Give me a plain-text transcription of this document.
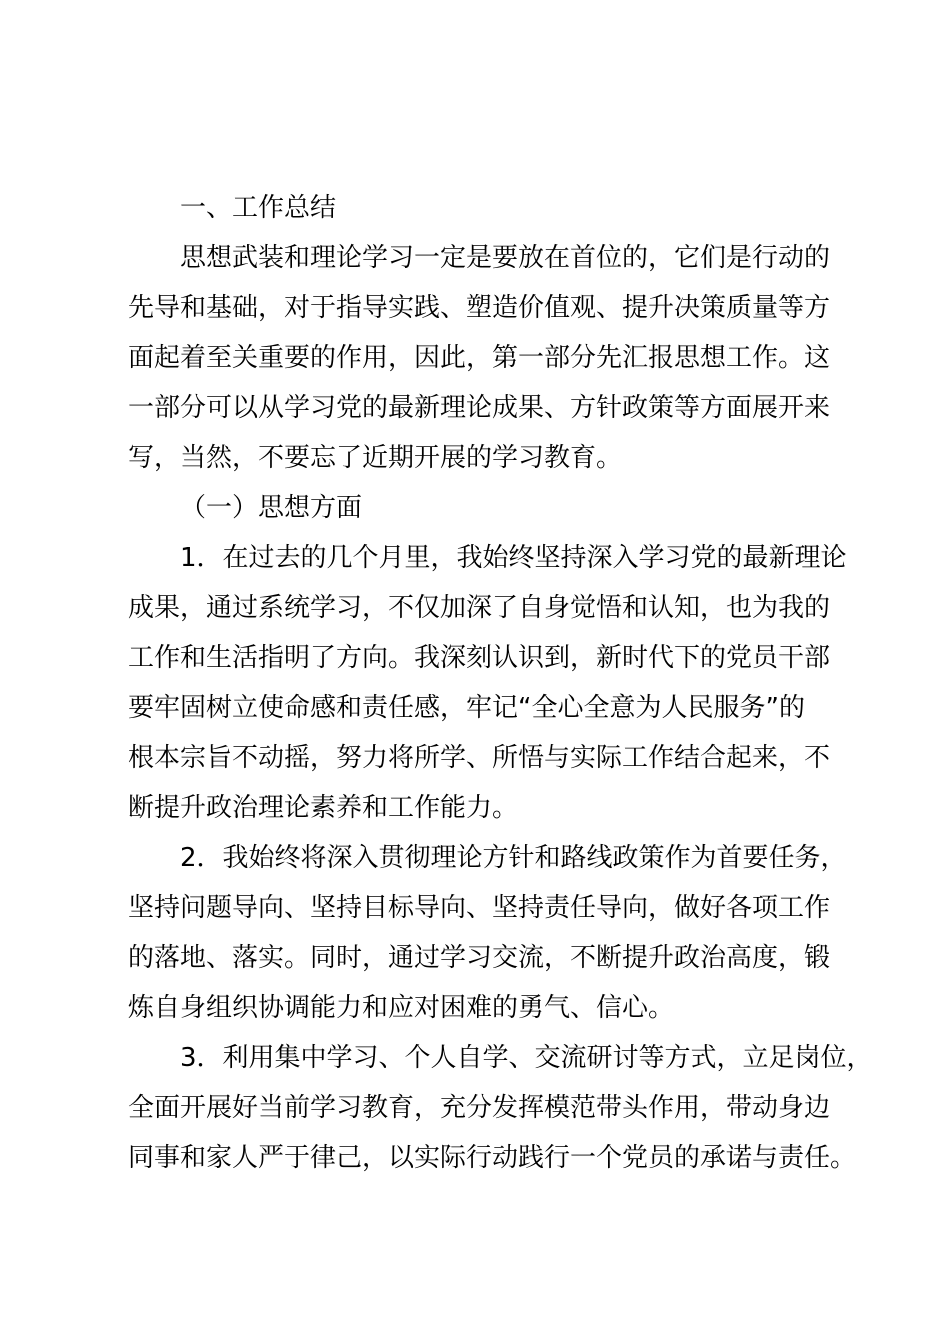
一、工作总结
思想武装和理论学习一定是要放在首位的，它们是行动的
先导和基础，对于指导实践、塑造价值观、提升决策质量等方
面起着至关重要的作用，因此，第一部分先汇报思想工作。这
一部分可以从学习党的最新理论成果、方针政策等方面展开来
写，当然，不要忘了近期开展的学习教育。
（一）思想方面
1．在过去的几个月里，我始终坚持深入学习党的最新理论
成果，通过系统学习，不仅加深了自身觉悟和认知，也为我的
工作和生活指明了方向。我深刻认识到，新时代下的党员干部
要牢固树立使命感和责任感，牢记“全心全意为人民服务”的
根本宗旨不动摇，努力将所学、所悟与实际工作结合起来，不
断提升政治理论素养和工作能力。
2．我始终将深入贯彻理论方针和路线政策作为首要任务，
坚持问题导向、坚持目标导向、坚持责任导向，做好各项工作
的落地、落实。同时，通过学习交流，不断提升政治高度，锻
炼自身组织协调能力和应对困难的勇气、信心。
3．利用集中学习、个人自学、交流研讨等方式，立足岗位，
全面开展好当前学习教育，充分发挥模范带头作用，带动身边
同事和家人严于律己，以实际行动践行一个党员的承诺与责任。
